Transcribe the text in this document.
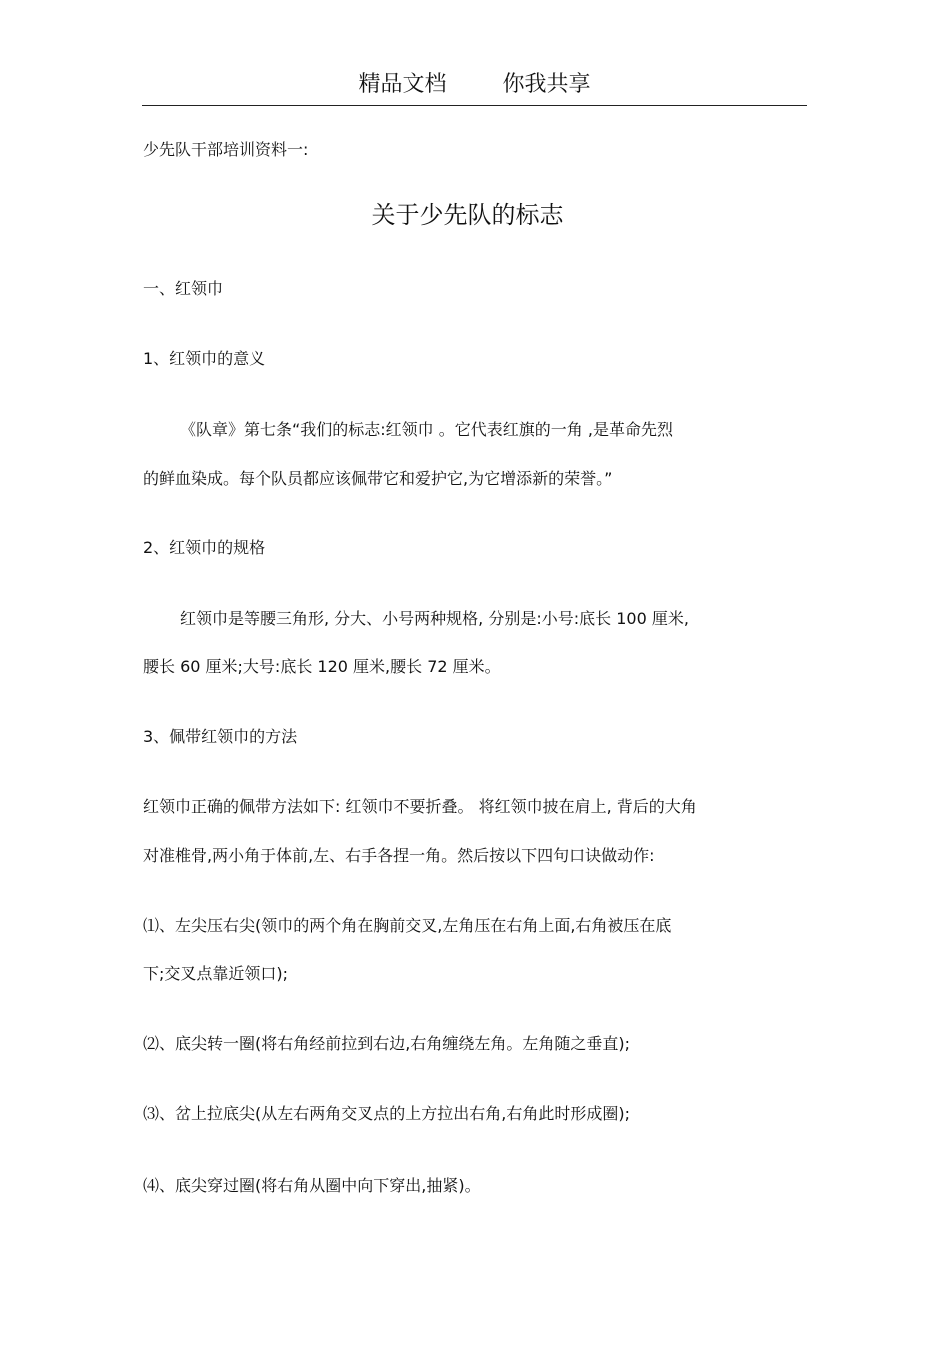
精品文档	你我共享
少先队干部培训资料一:
关于少先队的标志
一、红领巾
1、红领巾的意义
《队章》第七条“我们的标志:红领巾 。它代表红旗的一角 ,是革命先烈
的鲜血染成。每个队员都应该佩带它和爱护它,为它增添新的荣誉。”
2、红领巾的规格
红领巾是等腰三角形, 分大、小号两种规格, 分别是:小号:底长 100 厘米,
腰长 60 厘米;大号:底长 120 厘米,腰长 72 厘米。
3、佩带红领巾的方法
红领巾正确的佩带方法如下: 红领巾不要折叠。 将红领巾披在肩上, 背后的大角
对准椎骨,两小角于体前,左、右手各捏一角。然后按以下四句口诀做动作:
⑴、左尖压右尖(领巾的两个角在胸前交叉,左角压在右角上面,右角被压在底
下;交叉点靠近领口);
⑵、底尖转一圈(将右角经前拉到右边,右角缠绕左角。左角随之垂直);
⑶、岔上拉底尖(从左右两角交叉点的上方拉出右角,右角此时形成圈);
⑷、底尖穿过圈(将右角从圈中向下穿出,抽紧)。
